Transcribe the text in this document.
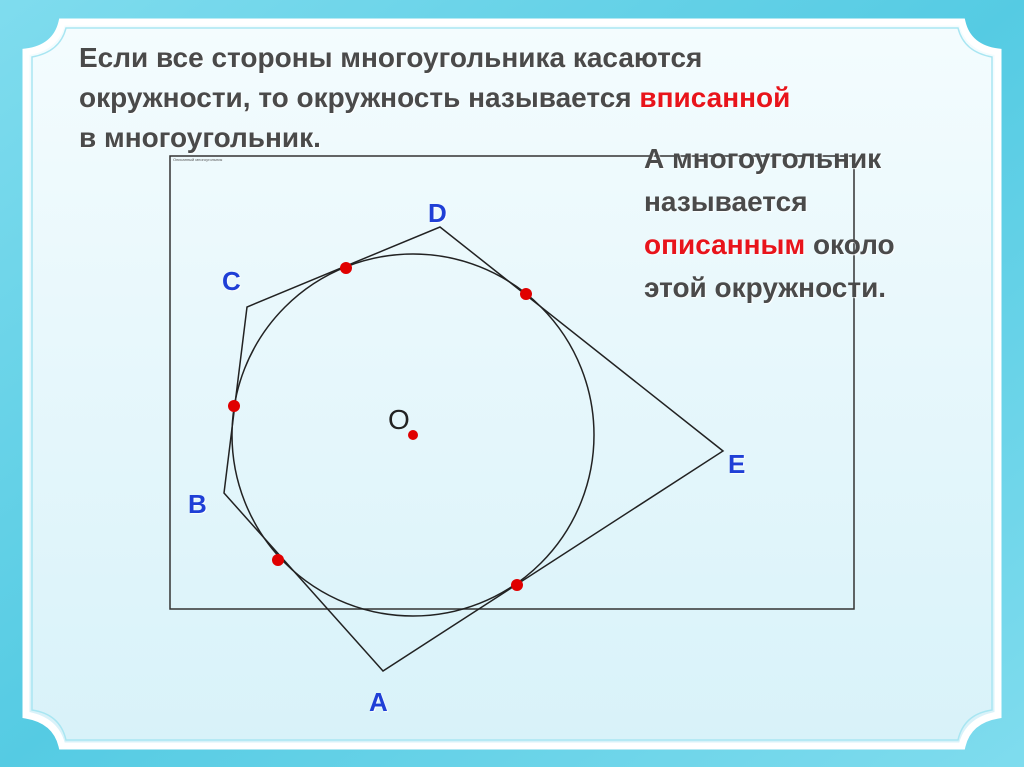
Описанный многоугольник
Если все стороны многоугольника касаются
окружности, то окружность называется вписанной
в многоугольник.
А многоугольник
называется
описанным около
этой окружности.
D
C
E
B
A
O
